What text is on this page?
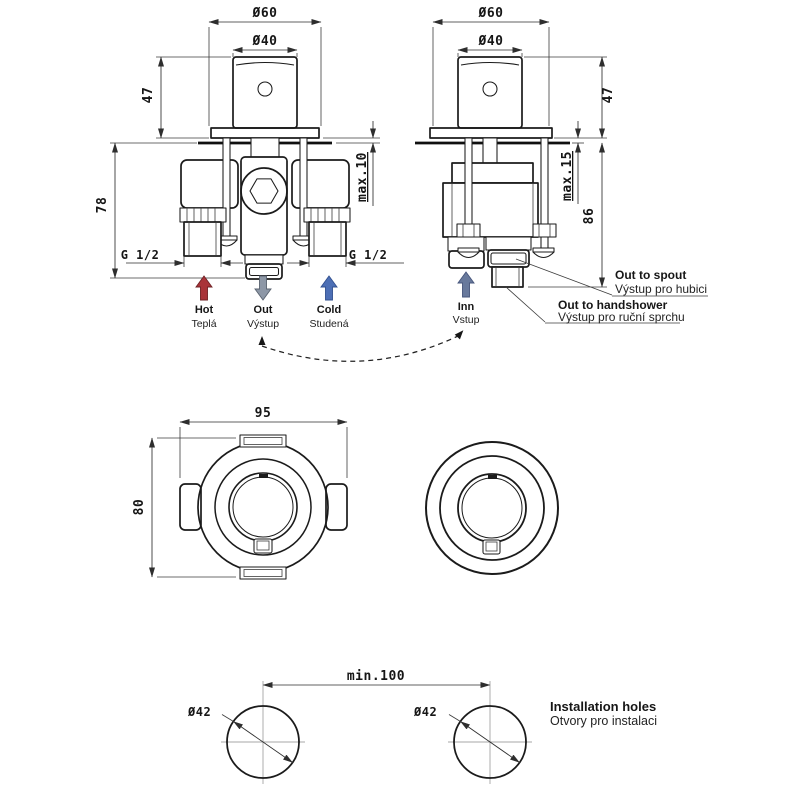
Ø60
Ø40
47
78
max.10
G 1/2	G 1/2
Hot
Teplá
Out
Výstup
Cold
Studená
Ø60
Ø40
47
max.15
86
Inn
Vstup
Out to spout
Výstup pro hubici
Out to handshower
Výstup pro ruční sprchu
95
80
min.100
Ø42	Ø42	Installation holes
Otvory pro instalaci
